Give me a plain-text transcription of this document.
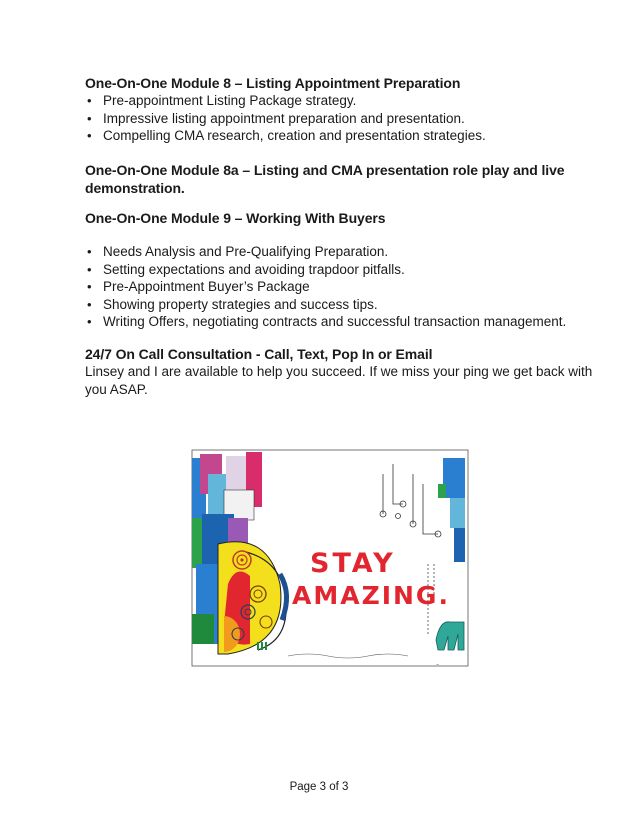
One-On-One Module 8 – Listing Appointment Preparation

• Pre-appointment Listing Package strategy.
• Impressive listing appointment preparation and presentation.
• Compelling CMA research, creation and presentation strategies.

One-On-One Module 8a – Listing and CMA presentation role play and live demonstration.

One-On-One Module 9 – Working With Buyers

• Needs Analysis and Pre-Qualifying Preparation.
• Setting expectations and avoiding trapdoor pitfalls.
• Pre-Appointment Buyer’s Package
• Showing property strategies and success tips.
• Writing Offers, negotiating contracts and successful transaction management.

24/7 On Call Consultation - Call, Text, Pop In or Email

Linsey and I are available to help you succeed. If we miss your ping we get back with you ASAP.

~
STAY
AMAZING.
Page 3 of 3
